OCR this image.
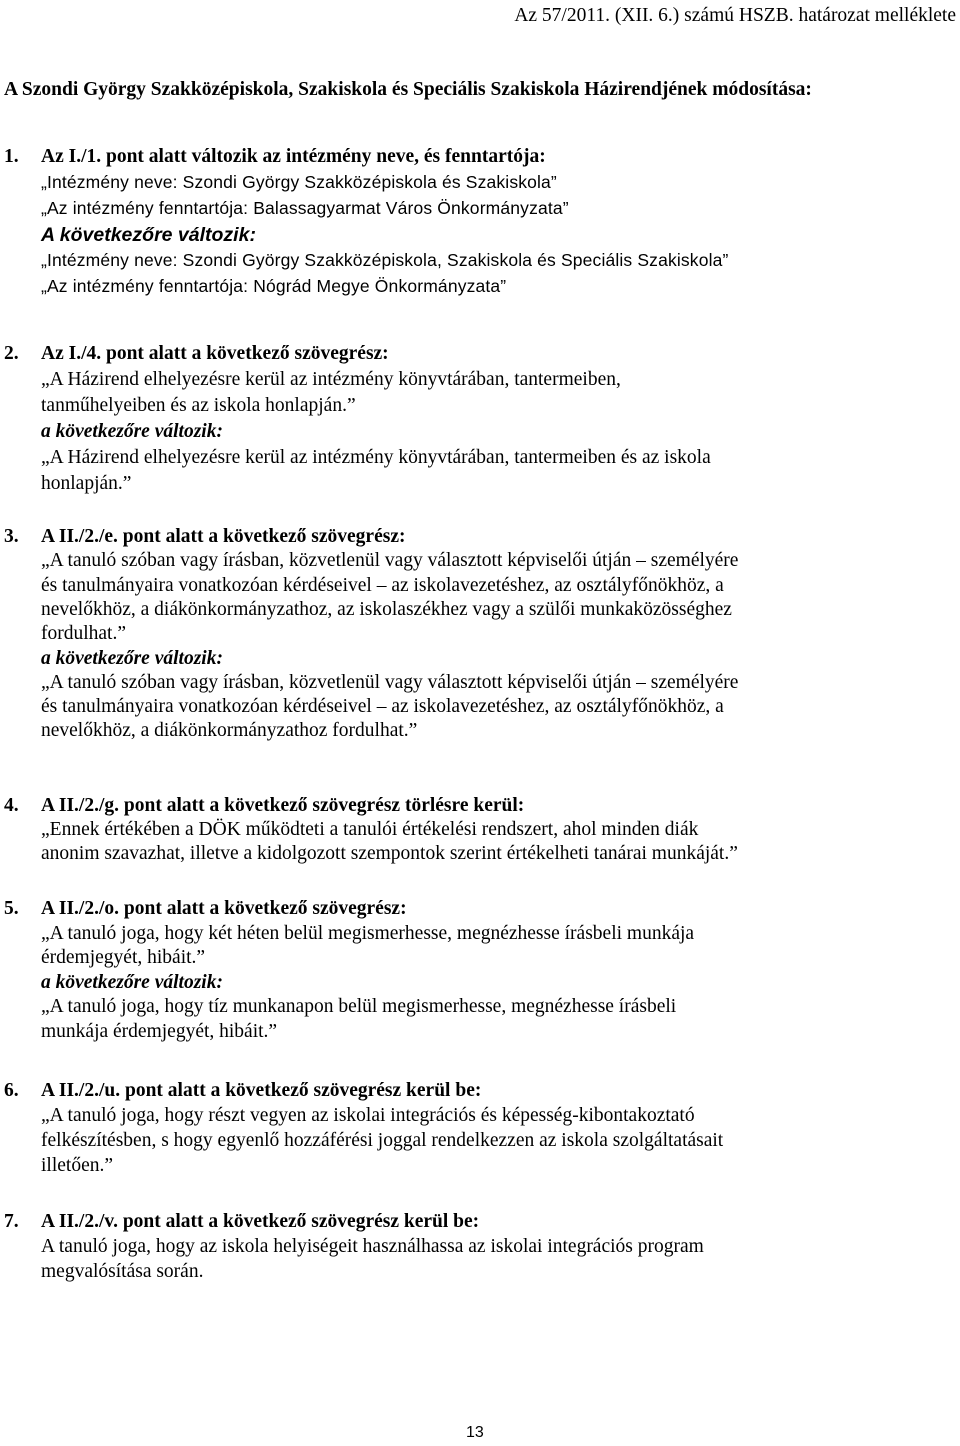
Az 57/2011. (XII. 6.) számú HSZB. határozat melléklete
A Szondi György Szakközépiskola, Szakiskola és Speciális Szakiskola Házirendjének módosítása:
1. Az I./1. pont alatt változik az intézmény neve, és fenntartója:
„Intézmény neve: Szondi György Szakközépiskola és Szakiskola”
„Az intézmény fenntartója: Balassagyarmat Város Önkormányzata”
A következőre változik:
„Intézmény neve: Szondi György Szakközépiskola, Szakiskola és Speciális Szakiskola”
„Az intézmény fenntartója: Nógrád Megye Önkormányzata”
2. Az I./4. pont alatt a következő szövegrész:
„A Házirend elhelyezésre kerül az intézmény könyvtárában, tantermeiben,
tanműhelyeiben és az iskola honlapján.”
a következőre változik:
„A Házirend elhelyezésre kerül az intézmény könyvtárában, tantermeiben és az iskola
honlapján.”
3. A II./2./e. pont alatt a következő szövegrész:
„A tanuló szóban vagy írásban, közvetlenül vagy választott képviselői útján – személyére
és tanulmányaira vonatkozóan kérdéseivel – az iskolavezetéshez, az osztályfőnökhöz, a
nevelőkhöz, a diákönkormányzathoz, az iskolaszékhez vagy a szülői munkaközösséghez
fordulhat.”
a következőre változik:
„A tanuló szóban vagy írásban, közvetlenül vagy választott képviselői útján – személyére
és tanulmányaira vonatkozóan kérdéseivel – az iskolavezetéshez, az osztályfőnökhöz, a
nevelőkhöz, a diákönkormányzathoz fordulhat.”
4. A II./2./g. pont alatt a következő szövegrész törlésre kerül:
„Ennek értékében a DÖK működteti a tanulói értékelési rendszert, ahol minden diák
anonim szavazhat, illetve a kidolgozott szempontok szerint értékelheti tanárai munkáját.”
5. A II./2./o. pont alatt a következő szövegrész:
„A tanuló joga, hogy két héten belül megismerhesse, megnézhesse írásbeli munkája
érdemjegyét, hibáit.”
a következőre változik:
„A tanuló joga, hogy tíz munkanapon belül megismerhesse, megnézhesse írásbeli
munkája érdemjegyét, hibáit.”
6. A II./2./u. pont alatt a következő szövegrész kerül be:
„A tanuló joga, hogy részt vegyen az iskolai integrációs és képesség-kibontakoztató
felkészítésben, s hogy egyenlő hozzáférési joggal rendelkezzen az iskola szolgáltatásait
illetően.”
7. A II./2./v. pont alatt a következő szövegrész kerül be:
A tanuló joga, hogy az iskola helyiségeit használhassa az iskolai integrációs program
megvalósítása során.
13
